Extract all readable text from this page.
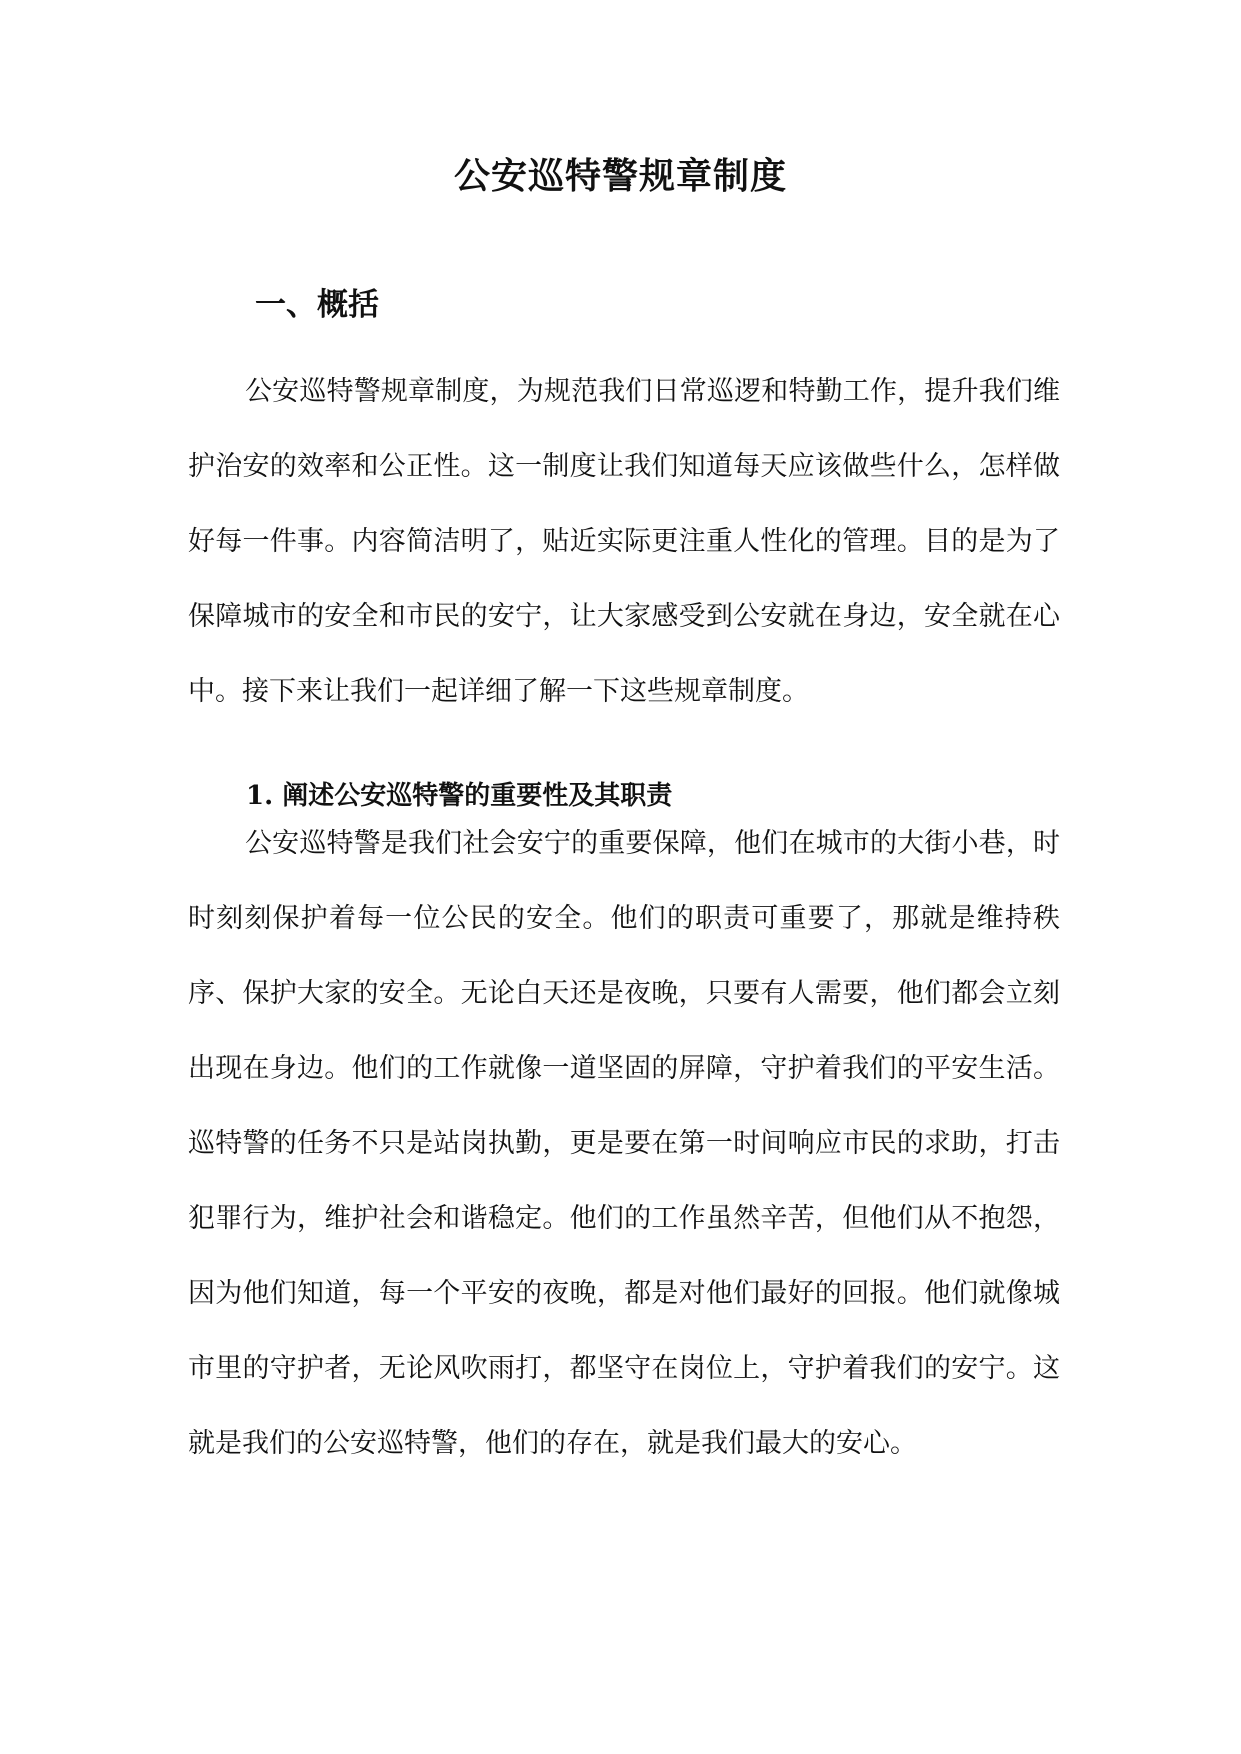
公安巡特警规章制度
一、概括

公安巡特警规章制度，为规范我们日常巡逻和特勤工作，提升我们维护治安的效率和公正性。这一制度让我们知道每天应该做些什么，怎样做好每一件事。内容简洁明了，贴近实际更注重人性化的管理。目的是为了保障城市的安全和市民的安宁，让大家感受到公安就在身边，安全就在心中。接下来让我们一起详细了解一下这些规章制度。

1. 阐述公安巡特警的重要性及其职责

公安巡特警是我们社会安宁的重要保障，他们在城市的大街小巷，时时刻刻保护着每一位公民的安全。他们的职责可重要了，那就是维持秩序、保护大家的安全。无论白天还是夜晚，只要有人需要，他们都会立刻出现在身边。他们的工作就像一道坚固的屏障，守护着我们的平安生活。巡特警的任务不只是站岗执勤，更是要在第一时间响应市民的求助，打击犯罪行为，维护社会和谐稳定。他们的工作虽然辛苦，但他们从不抱怨，因为他们知道，每一个平安的夜晚，都是对他们最好的回报。他们就像城市里的守护者，无论风吹雨打，都坚守在岗位上，守护着我们的安宁。这就是我们的公安巡特警，他们的存在，就是我们最大的安心。
